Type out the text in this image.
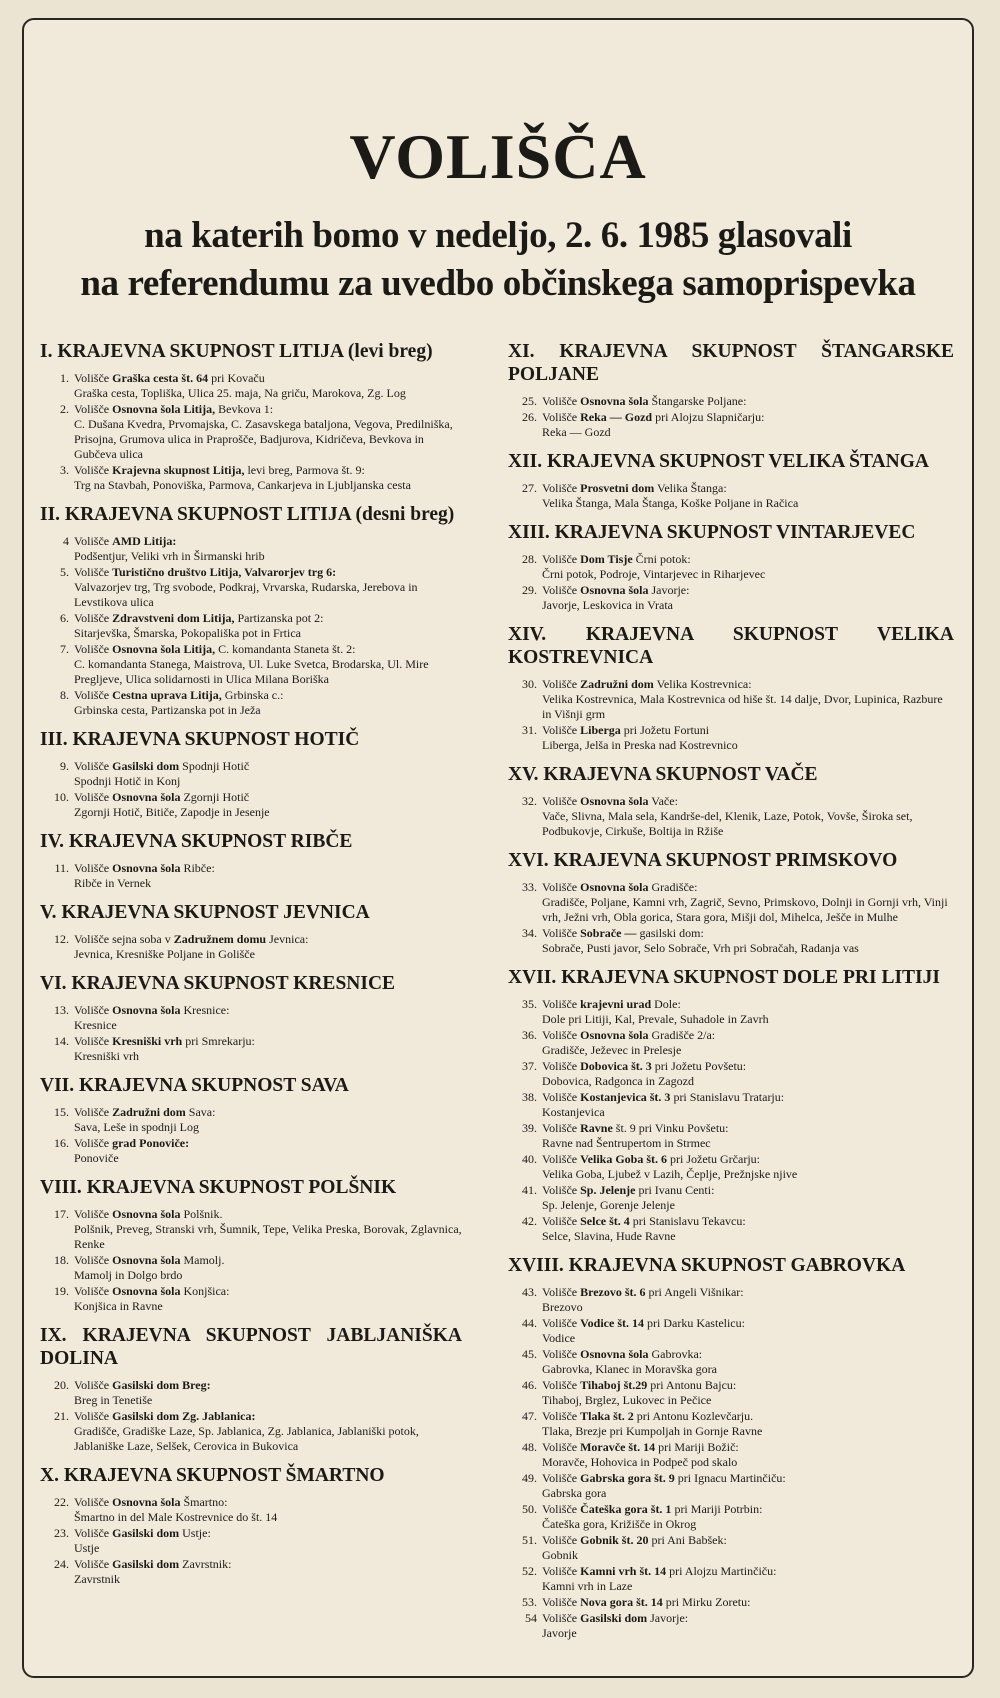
VOLIŠČA
na katerih bomo v nedeljo, 2. 6. 1985 glasovali
na referendumu za uvedbo občinskega samoprispevka
I. KRAJEVNA SKUPNOST LITIJA (levi breg)
1. Volišče Graška cesta št. 64 pri Kovaču
Graška cesta, Topliška, Ulica 25. maja, Na griču, Marokova, Zg. Log
2. Volišče Osnovna šola Litija, Bevkova 1:
C. Dušana Kvedra, Prvomajska, C. Zasavskega bataljona, Vegova, Predilniška, Prisojna, Grumova ulica in Praprošče, Badjurova, Kidričeva, Bevkova in Gubčeva ulica
3. Volišče Krajevna skupnost Litija, levi breg, Parmova št. 9:
Trg na Stavbah, Ponoviška, Parmova, Cankarjeva in Ljubljanska cesta
II. KRAJEVNA SKUPNOST LITIJA (desni breg)
4 Volišče AMD Litija:
Podšentjur, Veliki vrh in Širmanski hrib
5. Volišče Turistično društvo Litija, Valvarorjev trg 6:
Valvazorjev trg, Trg svobode, Podkraj, Vrvarska, Rudarska, Jerebova in Levstikova ulica
6. Volišče Zdravstveni dom Litija, Partizanska pot 2:
Sitarjevška, Šmarska, Pokopališka pot in Frtica
7. Volišče Osnovna šola Litija, C. komandanta Staneta št. 2:
C. komandanta Stanega, Maistrova, Ul. Luke Svetca, Brodarska, Ul. Mire Pregljeve, Ulica solidarnosti in Ulica Milana Boriška
8. Volišče Cestna uprava Litija, Grbinska c.:
Grbinska cesta, Partizanska pot in Ježa
III. KRAJEVNA SKUPNOST HOTIČ
9. Volišče Gasilski dom Spodnji Hotič
Spodnji Hotič in Konj
10. Volišče Osnovna šola Zgornji Hotič
Zgornji Hotič, Bitiče, Zapodje in Jesenje
IV. KRAJEVNA SKUPNOST RIBČE
11. Volišče Osnovna šola Ribče:
Ribče in Vernek
V. KRAJEVNA SKUPNOST JEVNICA
12. Volišče sejna soba v Zadružnem domu Jevnica:
Jevnica, Kresniške Poljane in Golišče
VI. KRAJEVNA SKUPNOST KRESNICE
13. Volišče Osnovna šola Kresnice:
Kresnice
14. Volišče Kresniški vrh pri Smrekarju:
Kresniški vrh
VII. KRAJEVNA SKUPNOST SAVA
15. Volišče Zadružni dom Sava:
Sava, Leše in spodnji Log
16. Volišče grad Ponoviče:
Ponoviče
VIII. KRAJEVNA SKUPNOST POLŠNIK
17. Volišče Osnovna šola Polšnik.
Polšnik, Preveg, Stranski vrh, Šumnik, Tepe, Velika Preska, Borovak, Zglavnica, Renke
18. Volišče Osnovna šola Mamolj.
Mamolj in Dolgo brdo
19. Volišče Osnovna šola Konjšica:
Konjšica in Ravne
IX. KRAJEVNA SKUPNOST JABLJANIŠKA DOLINA
20. Volišče Gasilski dom Breg:
Breg in Tenetiše
21. Volišče Gasilski dom Zg. Jablanica:
Gradišče, Gradiške Laze, Sp. Jablanica, Zg. Jablanica, Jablaniški potok, Jablaniške Laze, Selšek, Cerovica in Bukovica
X. KRAJEVNA SKUPNOST ŠMARTNO
22. Volišče Osnovna šola Šmartno:
Šmartno in del Male Kostrevnice do št. 14
23. Volišče Gasilski dom Ustje:
Ustje
24. Volišče Gasilski dom Zavrstnik:
Zavrstnik
XI. KRAJEVNA SKUPNOST ŠTANGARSKE POLJANE
25. Volišče Osnovna šola Štangarske Poljane:
26. Volišče Reka — Gozd pri Alojzu Slapničarju:
Reka — Gozd
XII. KRAJEVNA SKUPNOST VELIKA ŠTANGA
27. Volišče Prosvetni dom Velika Štanga:
Velika Štanga, Mala Štanga, Koške Poljane in Račica
XIII. KRAJEVNA SKUPNOST VINTARJEVEC
28. Volišče Dom Tisje Črni potok:
Črni potok, Podroje, Vintarjevec in Riharjevec
29. Volišče Osnovna šola Javorje:
Javorje, Leskovica in Vrata
XIV. KRAJEVNA SKUPNOST VELIKA KOSTREVNICA
30. Volišče Zadružni dom Velika Kostrevnica:
Velika Kostrevnica, Mala Kostrevnica od hiše št. 14 dalje, Dvor, Lupinica, Razbure in Višnji grm
31. Volišče Liberga pri Jožetu Fortuni
Liberga, Jelša in Preska nad Kostrevnico
XV. KRAJEVNA SKUPNOST VAČE
32. Volišče Osnovna šola Vače:
Vače, Slivna, Mala sela, Kandrše-del, Klenik, Laze, Potok, Vovše, Široka set, Podbukovje, Cirkuše, Boltija in Ržiše
XVI. KRAJEVNA SKUPNOST PRIMSKOVO
33. Volišče Osnovna šola Gradišče:
Gradišče, Poljane, Kamni vrh, Zagrič, Sevno, Primskovo, Dolnji in Gornji vrh, Vinji vrh, Ježni vrh, Obla gorica, Stara gora, Mišji dol, Mihelca, Ješče in Mulhe
34. Volišče Sobrače — gasilski dom:
Sobrače, Pusti javor, Selo Sobrače, Vrh pri Sobračah, Radanja vas
XVII. KRAJEVNA SKUPNOST DOLE PRI LITIJI
35. Volišče krajevni urad Dole:
Dole pri Litiji, Kal, Prevale, Suhadole in Zavrh
36. Volišče Osnovna šola Gradišče 2/a:
Gradišče, Ježevec in Prelesje
37. Volišče Dobovica št. 3 pri Jožetu Povšetu:
Dobovica, Radgonca in Zagozd
38. Volišče Kostanjevica št. 3 pri Stanislavu Tratarju:
Kostanjevica
39. Volišče Ravne št. 9 pri Vinku Povšetu:
Ravne nad Šentrupertom in Strmec
40. Volišče Velika Goba št. 6 pri Jožetu Grčarju:
Velika Goba, Ljubež v Lazih, Čeplje, Prežnjske njive
41. Volišče Sp. Jelenje pri Ivanu Centi:
Sp. Jelenje, Gorenje Jelenje
42. Volišče Selce št. 4 pri Stanislavu Tekavcu:
Selce, Slavina, Hude Ravne
XVIII. KRAJEVNA SKUPNOST GABROVKA
43. Volišče Brezovo št. 6 pri Angeli Višnikar:
Brezovo
44. Volišče Vodice št. 14 pri Darku Kastelicu:
Vodice
45. Volišče Osnovna šola Gabrovka:
Gabrovka, Klanec in Moravška gora
46. Volišče Tihaboj št.29 pri Antonu Bajcu:
Tihaboj, Brglez, Lukovec in Pečice
47. Volišče Tlaka št. 2 pri Antonu Kozlevčarju.
Tlaka, Brezje pri Kumpoljah in Gornje Ravne
48. Volišče Moravče št. 14 pri Mariji Božič:
Moravče, Hohovica in Podpeč pod skalo
49. Volišče Gabrska gora št. 9 pri Ignacu Martinčiču:
Gabrska gora
50. Volišče Čateška gora št. 1 pri Mariji Potrbin:
Čateška gora, Križišče in Okrog
51. Volišče Gobnik št. 20 pri Ani Babšek:
Gobnik
52. Volišče Kamni vrh št. 14 pri Alojzu Martinčiču:
Kamni vrh in Laze
53. Volišče Nova gora št. 14 pri Mirku Zoretu:
54 Volišče Gasilski dom Javorje:
Javorje
